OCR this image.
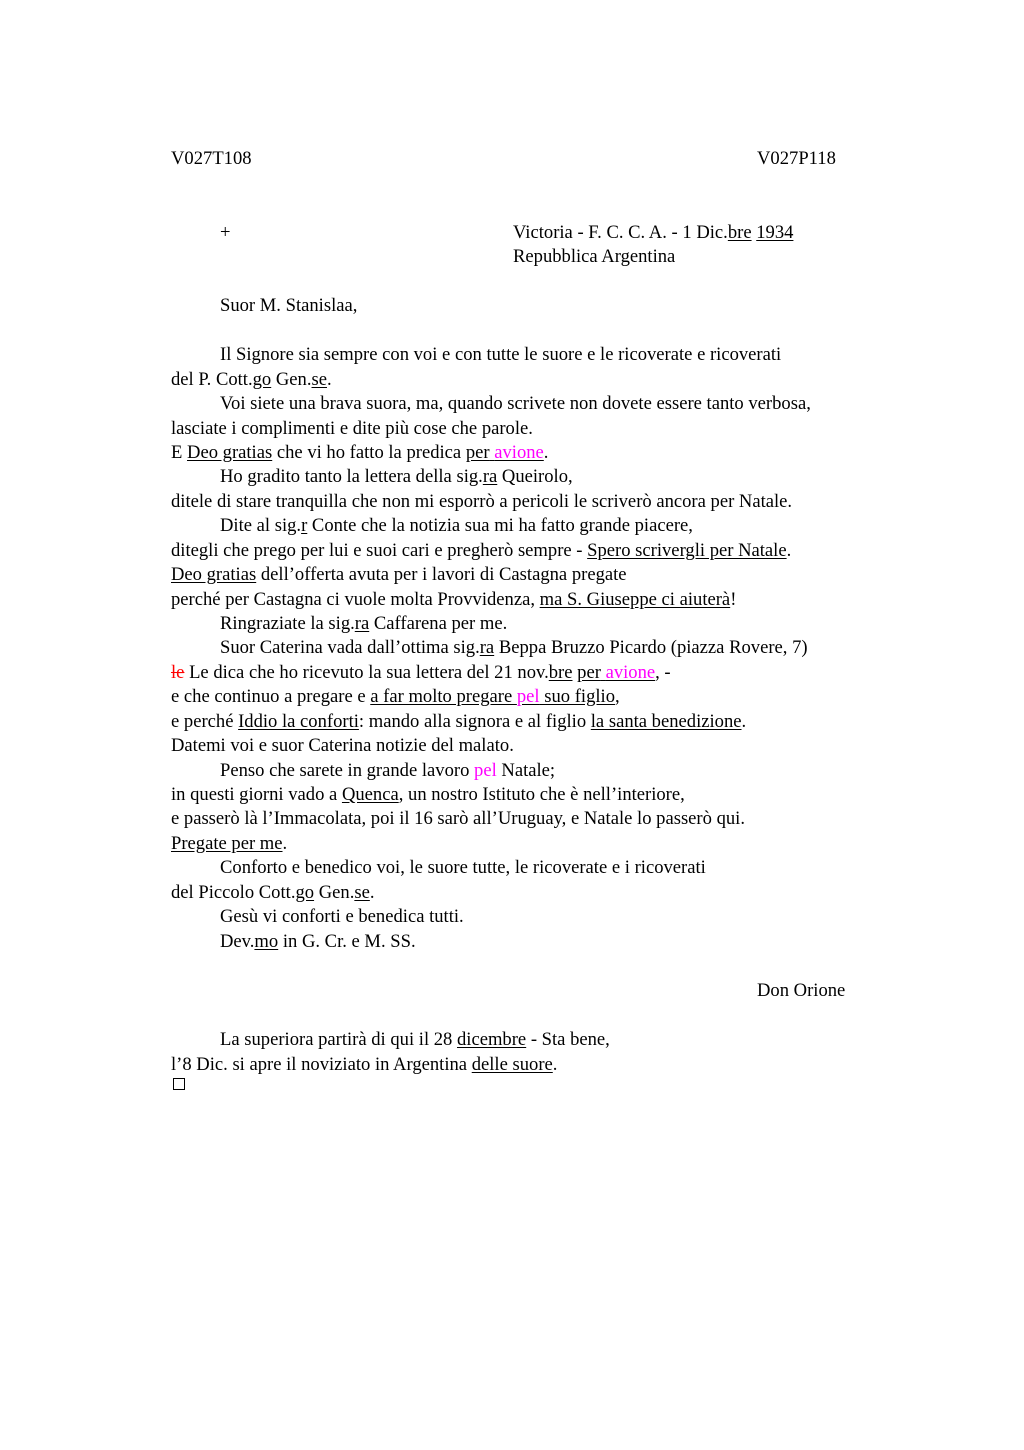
V027T108	V027P118
+	Victoria - F. C. C. A. - 1 Dic.bre 1934
Repubblica Argentina
Suor M. Stanislaa,
Il Signore sia sempre con voi e con tutte le suore e le ricoverate e ricoverati
del P. Cott.go Gen.se.
Voi siete una brava suora, ma, quando scrivete non dovete essere tanto verbosa,
lasciate i complimenti e dite più cose che parole.
E Deo gratias che vi ho fatto la predica per avione.
Ho gradito tanto la lettera della sig.ra Queirolo,
ditele di stare tranquilla che non mi esporrò a pericoli le scriverò ancora per Natale.
Dite al sig.r Conte che la notizia sua mi ha fatto grande piacere,
ditegli che prego per lui e suoi cari e pregherò sempre - Spero scrivergli per Natale.
Deo gratias dell’offerta avuta per i lavori di Castagna pregate
perché per Castagna ci vuole molta Provvidenza, ma S. Giuseppe ci aiuterà!
Ringraziate la sig.ra Caffarena per me.
Suor Caterina vada dall’ottima sig.ra Beppa Bruzzo Picardo (piazza Rovere, 7)
le Le dica che ho ricevuto la sua lettera del 21 nov.bre per avione, -
e che continuo a pregare e a far molto pregare pel suo figlio,
e perché Iddio la conforti: mando alla signora e al figlio la santa benedizione.
Datemi voi e suor Caterina notizie del malato.
Penso che sarete in grande lavoro pel Natale;
in questi giorni vado a Quenca, un nostro Istituto che è nell’interiore,
e passerò là l’Immacolata, poi il 16 sarò all’Uruguay, e Natale lo passerò qui.
Pregate per me.
Conforto e benedico voi, le suore tutte, le ricoverate e i ricoverati
del Piccolo Cott.go Gen.se.
Gesù vi conforti e benedica tutti.
Dev.mo in G. Cr. e M. SS.
Don Orione
La superiora partirà di qui il 28 dicembre - Sta bene,
l’8 Dic. si apre il noviziato in Argentina delle suore.
